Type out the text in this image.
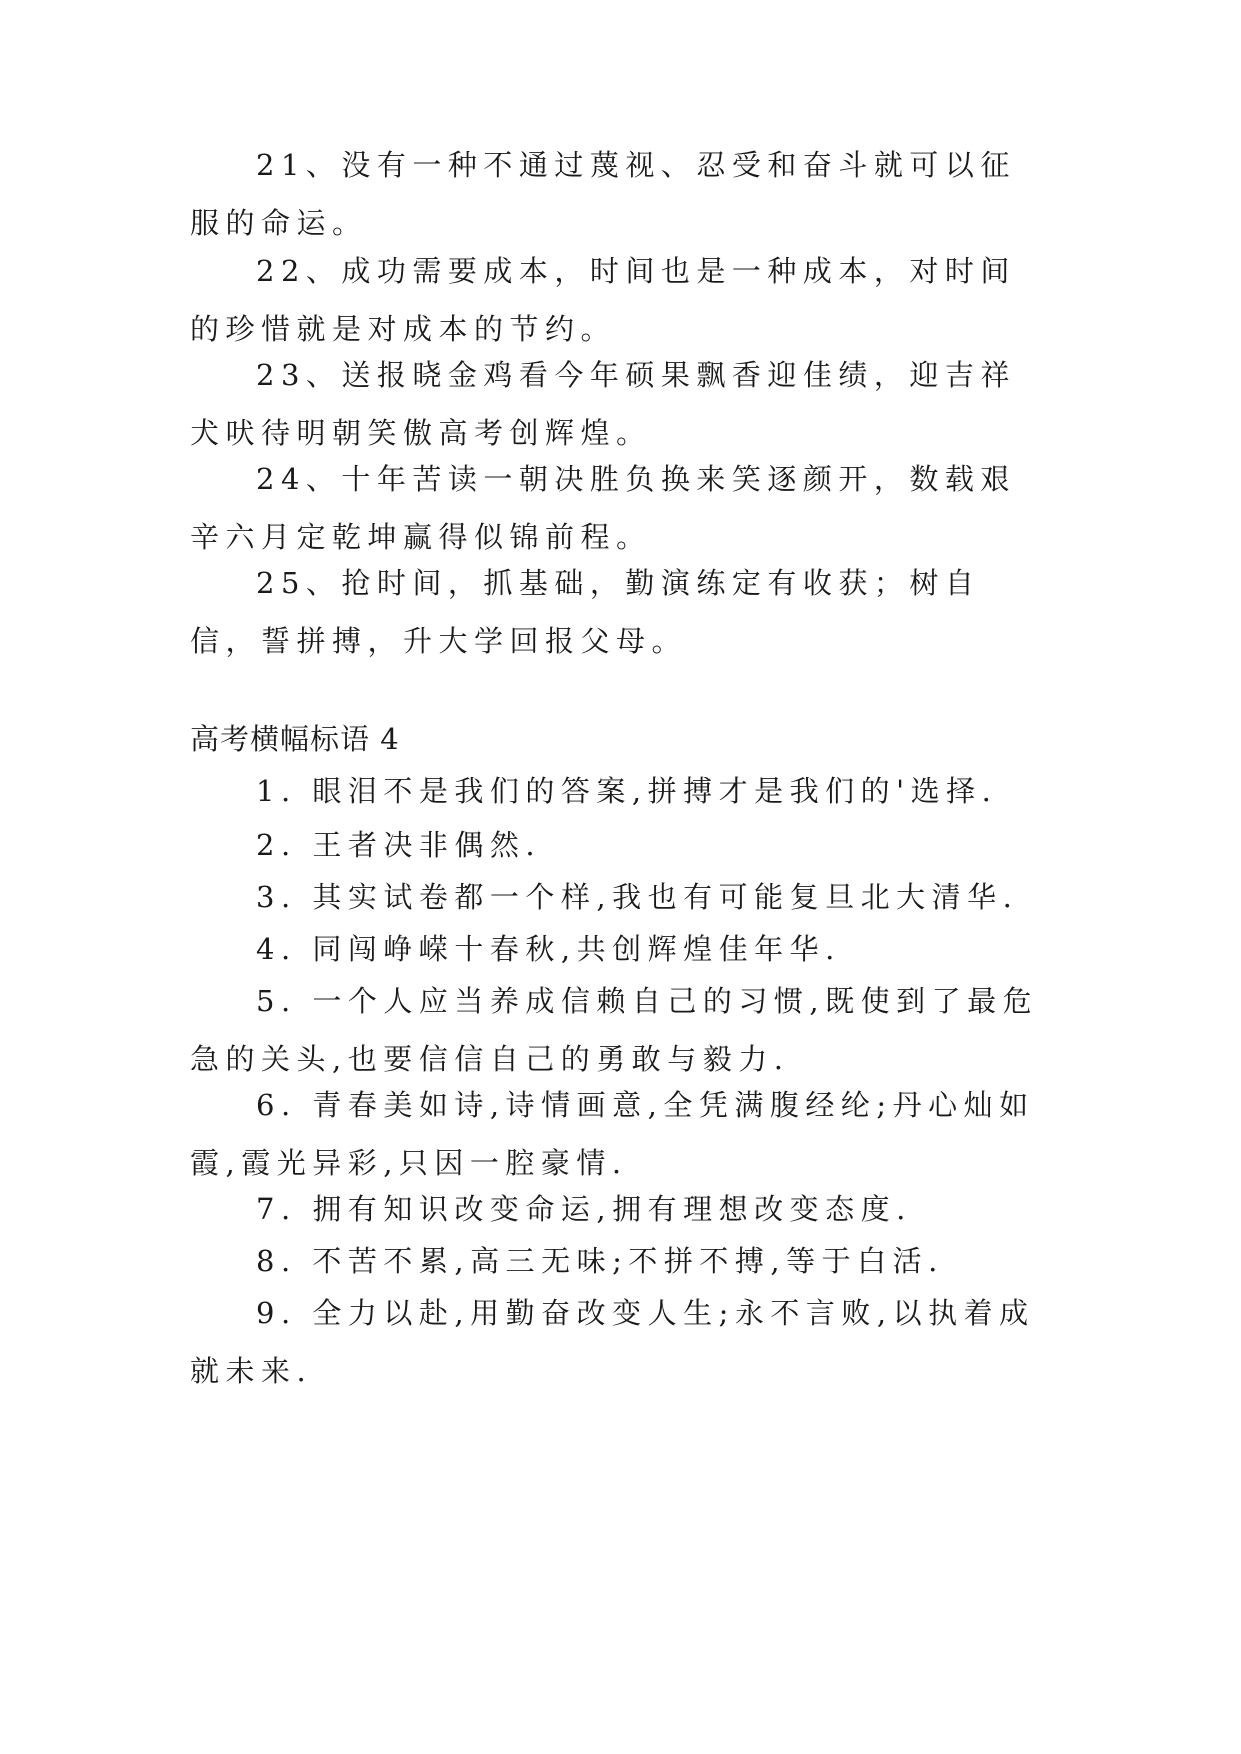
21、没有一种不通过蔑视、忍受和奋斗就可以征服的命运。

22、成功需要成本，时间也是一种成本，对时间的珍惜就是对成本的节约。

23、送报晓金鸡看今年硕果飘香迎佳绩，迎吉祥犬吠待明朝笑傲高考创辉煌。

24、十年苦读一朝决胜负换来笑逐颜开，数载艰辛六月定乾坤赢得似锦前程。

25、抢时间，抓基础，勤演练定有收获；树自信，誓拼搏，升大学回报父母。

高考横幅标语 4

1. 眼泪不是我们的答案,拼搏才是我们的'选择.

2. 王者决非偶然.

3. 其实试卷都一个样,我也有可能复旦北大清华.

4. 同闯峥嵘十春秋,共创辉煌佳年华.

5. 一个人应当养成信赖自己的习惯,既使到了最危急的关头,也要信信自己的勇敢与毅力.

6. 青春美如诗,诗情画意,全凭满腹经纶;丹心灿如霞,霞光异彩,只因一腔豪情.

7. 拥有知识改变命运,拥有理想改变态度.

8. 不苦不累,高三无味;不拼不搏,等于白活.

9. 全力以赴,用勤奋改变人生;永不言败,以执着成就未来.
